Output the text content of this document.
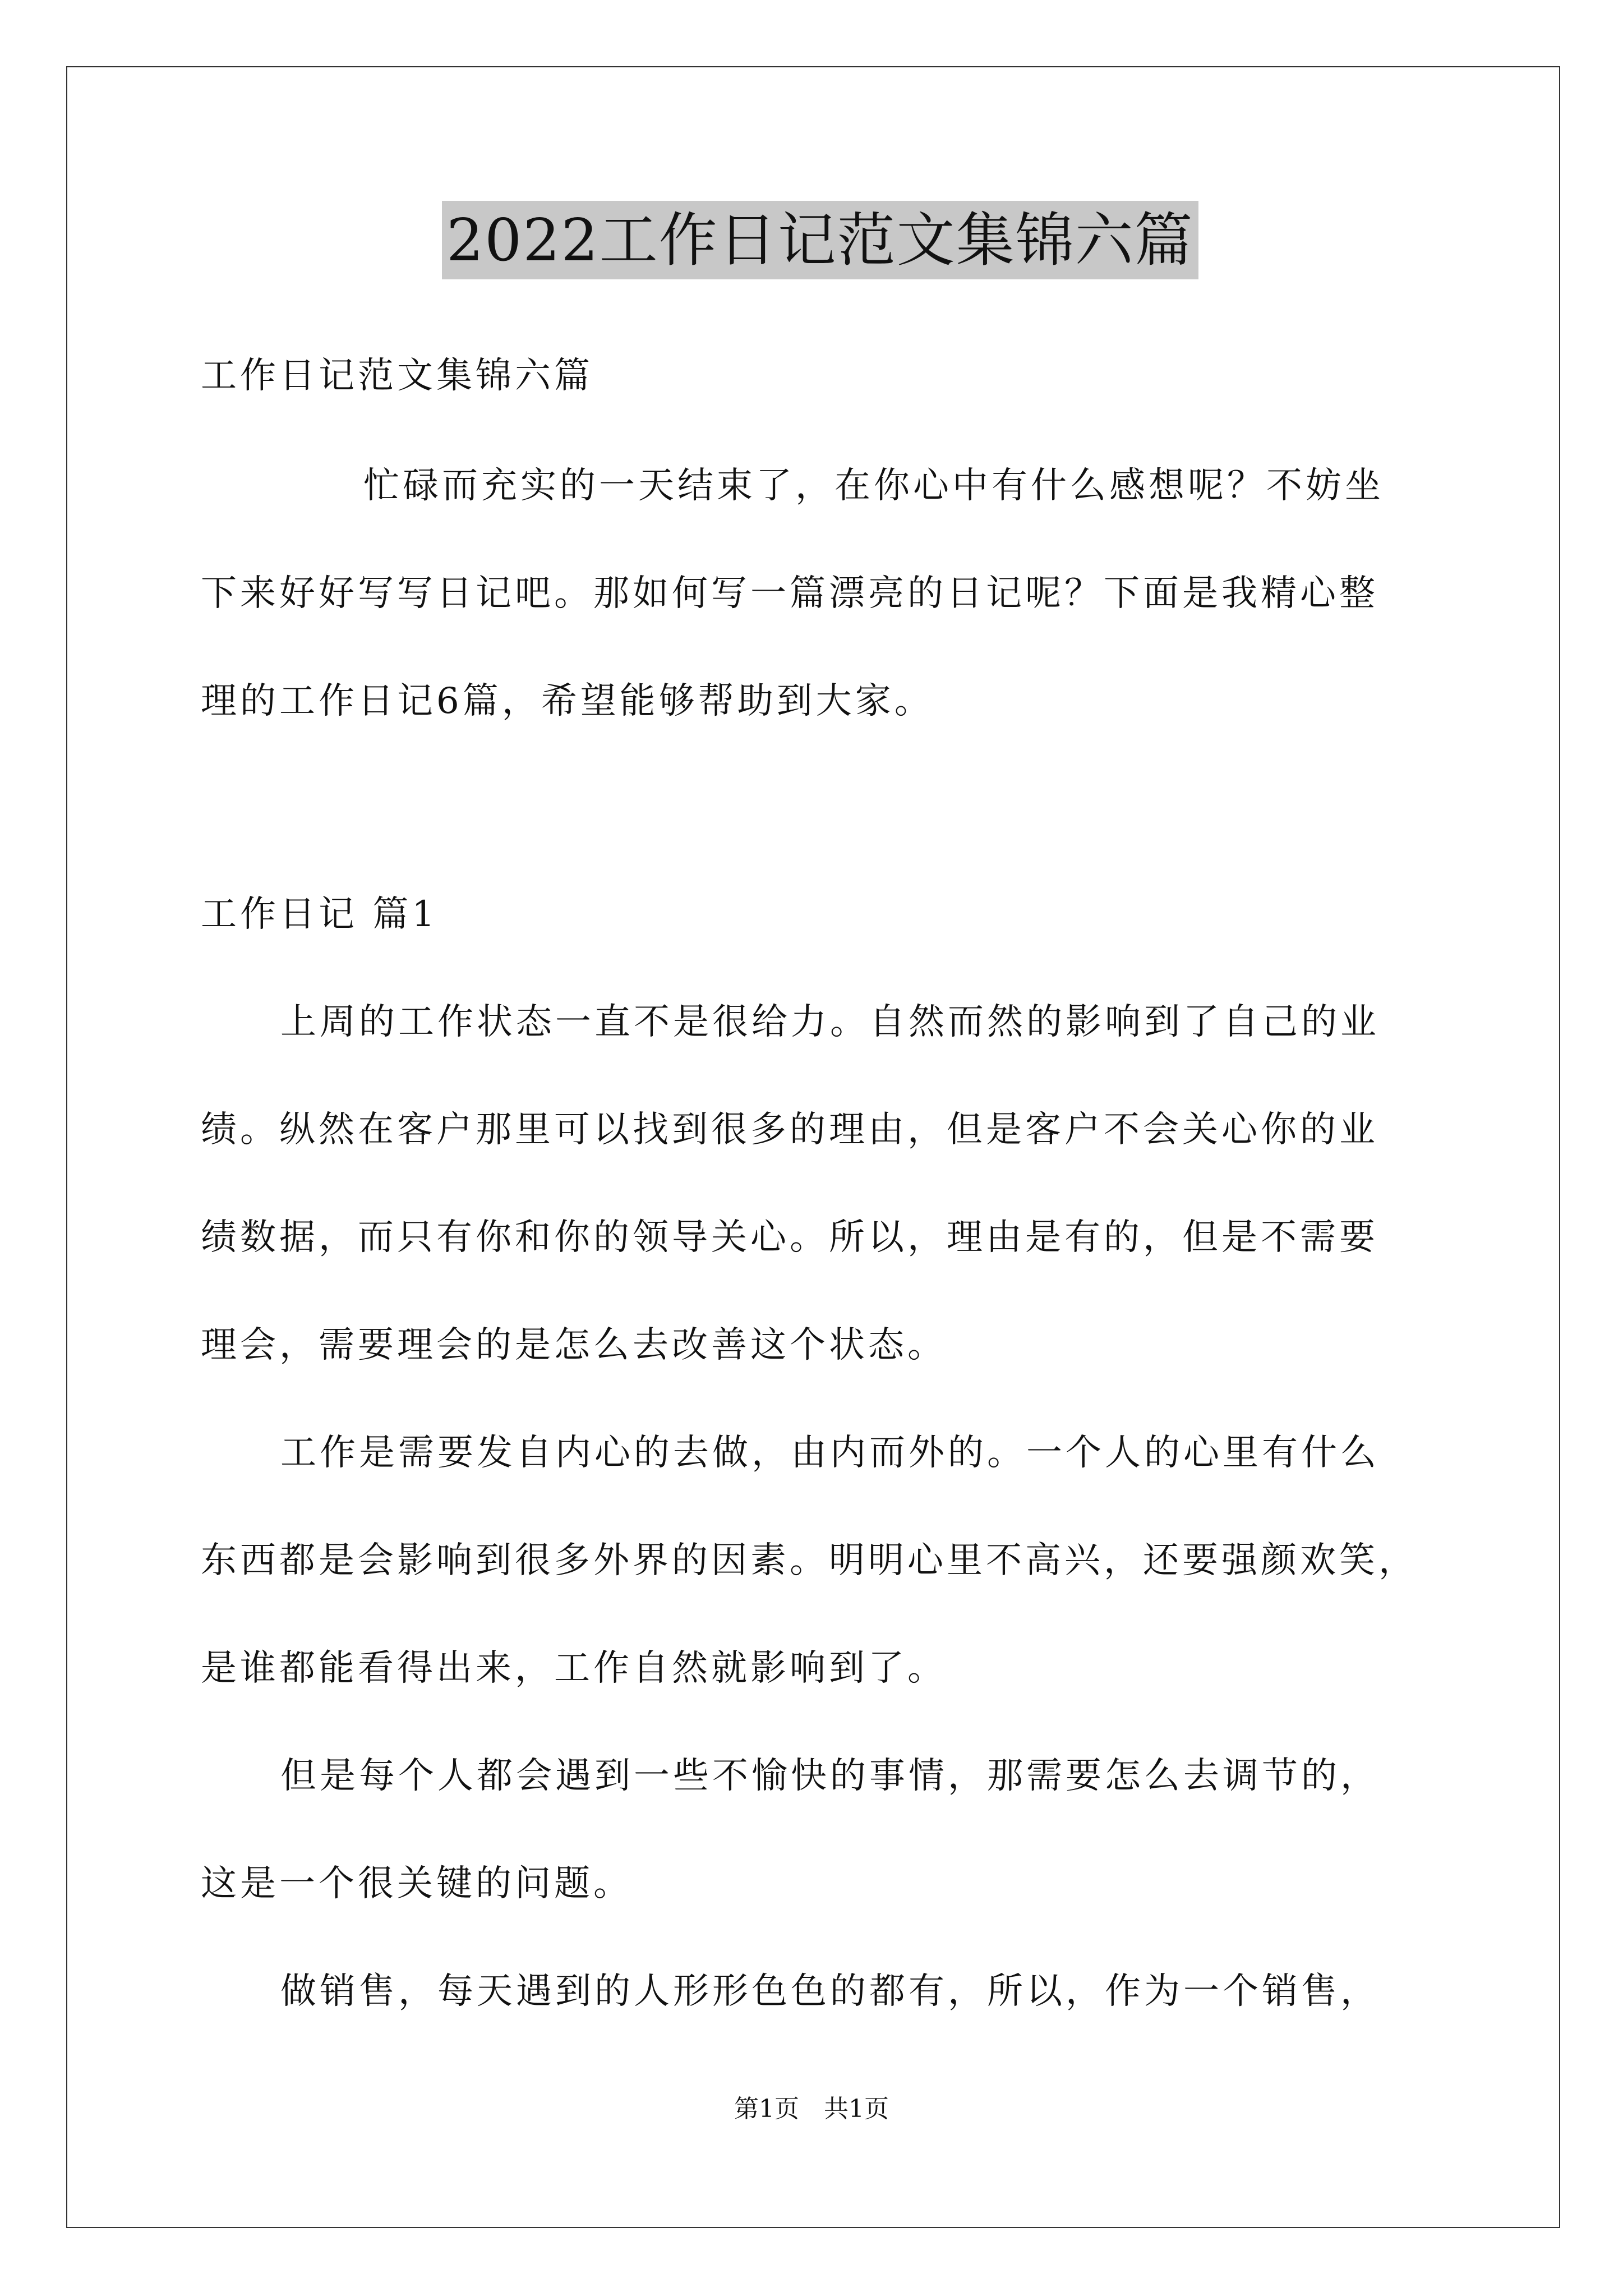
2022工作日记范文集锦六篇
工作日记范文集锦六篇
忙碌而充实的一天结束了，在你心中有什么感想呢？不妨坐
下来好好写写日记吧。那如何写一篇漂亮的日记呢？下面是我精心整
理的工作日记6篇，希望能够帮助到大家。
工作日记 篇1
上周的工作状态一直不是很给力。自然而然的影响到了自己的业
绩。纵然在客户那里可以找到很多的理由，但是客户不会关心你的业
绩数据，而只有你和你的领导关心。所以，理由是有的，但是不需要
理会，需要理会的是怎么去改善这个状态。
工作是需要发自内心的去做，由内而外的。一个人的心里有什么
东西都是会影响到很多外界的因素。明明心里不高兴，还要强颜欢笑，
是谁都能看得出来，工作自然就影响到了。
但是每个人都会遇到一些不愉快的事情，那需要怎么去调节的，
这是一个很关键的问题。
做销售，每天遇到的人形形色色的都有，所以，作为一个销售，
第1页　共1页
